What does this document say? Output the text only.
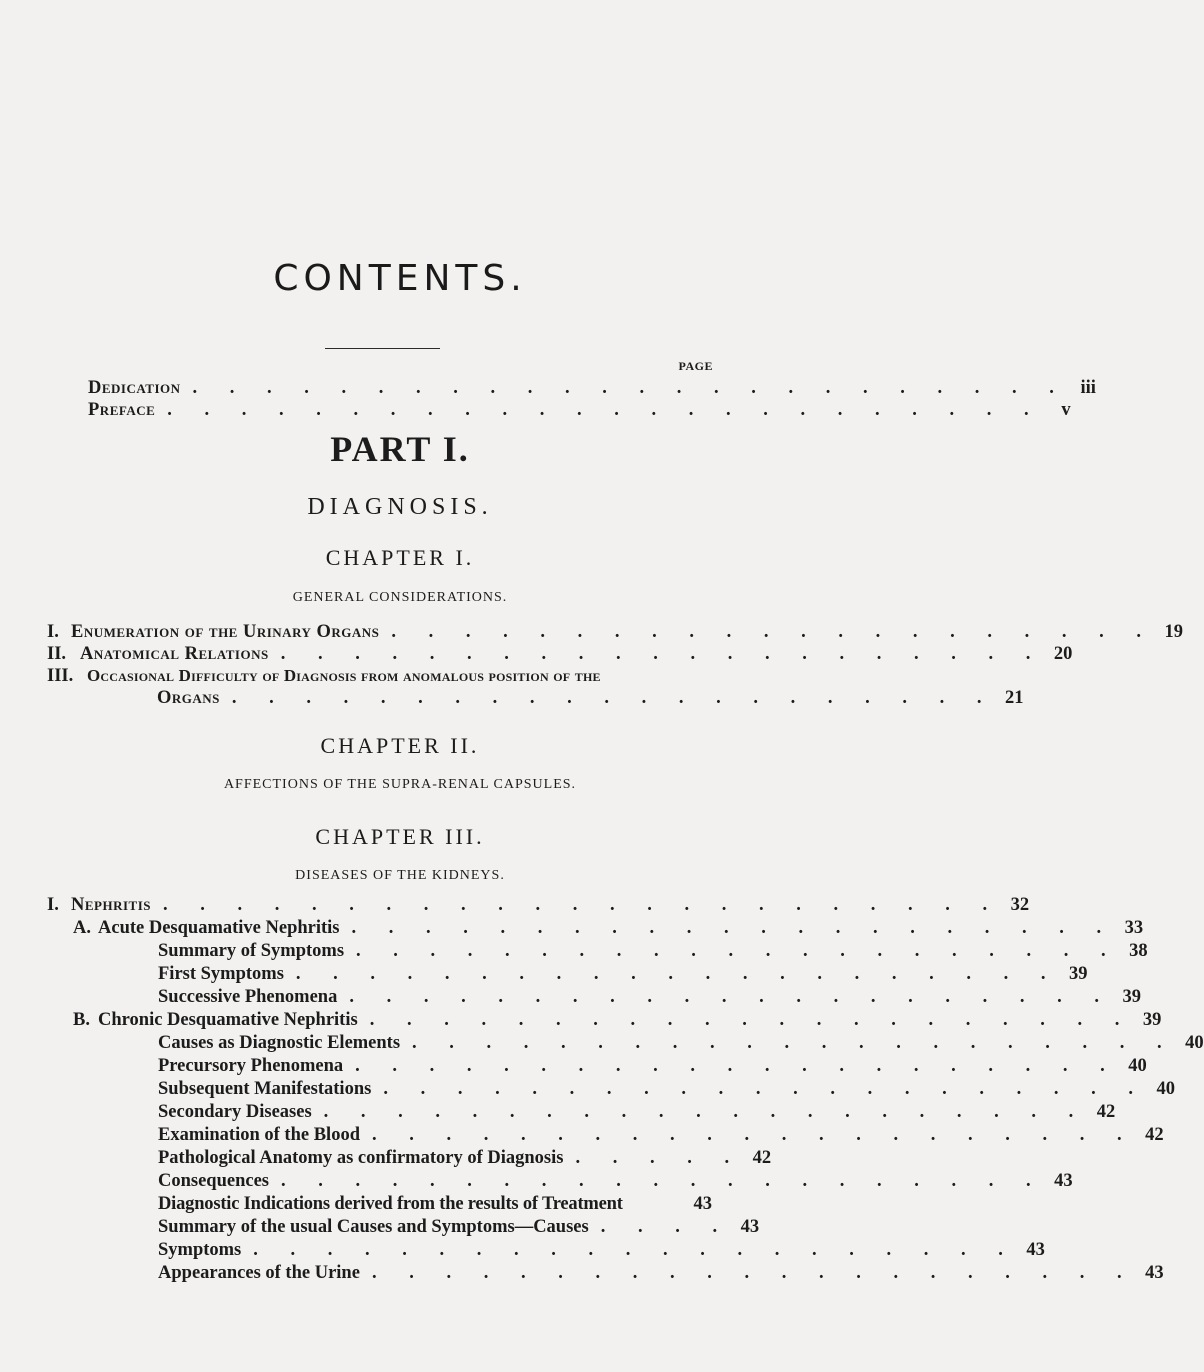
CONTENTS.
PAGE
Dedication . . . . . . . . . . . . . . . . . . . . . . . . iii
Preface . . . . . . . . . . . . . . . . . . . . . . . .	v
PART I.
DIAGNOSIS.
CHAPTER I.
GENERAL CONSIDERATIONS.
I. Enumeration of the Urinary Organs . . . . . . . . . . . . . . . . . . . . . 19
II. Anatomical Relations . . . . . . . . . . . . . . . . . . . . . 20
III. Occasional Difficulty of Diagnosis from anomalous position of the
Organs . . . . . . . . . . . . . . . . . . . . . 21
CHAPTER II.
AFFECTIONS OF THE SUPRA-RENAL CAPSULES.
CHAPTER III.
DISEASES OF THE KIDNEYS.
I. Nephritis . . . . . . . . . . . . . . . . . . . . . . . 32
A. Acute Desquamative Nephritis . . . . . . . . . . . . . . . . . . . . . 33
Summary of Symptoms . . . . . . . . . . . . . . . . . . . . . 38
First Symptoms . . . . . . . . . . . . . . . . . . . . . 39
Successive Phenomena . . . . . . . . . . . . . . . . . . . . . 39
B. Chronic Desquamative Nephritis . . . . . . . . . . . . . . . . . . . . . 39
Causes as Diagnostic Elements . . . . . . . . . . . . . . . . . . . . . 40
Precursory Phenomena . . . . . . . . . . . . . . . . . . . . . 40
Subsequent Manifestations . . . . . . . . . . . . . . . . . . . . . 40
Secondary Diseases . . . . . . . . . . . . . . . . . . . . . 42
Examination of the Blood . . . . . . . . . . . . . . . . . . . . . 42
Pathological Anatomy as confirmatory of Diagnosis . . . . . 42
Consequences . . . . . . . . . . . . . . . . . . . . . 43
Diagnostic Indications derived from the results of Treatment	43
Summary of the usual Causes and Symptoms—Causes . . . . 43
Symptoms . . . . . . . . . . . . . . . . . . . . . 43
Appearances of the Urine . . . . . . . . . . . . . . . . . . . . . 43
